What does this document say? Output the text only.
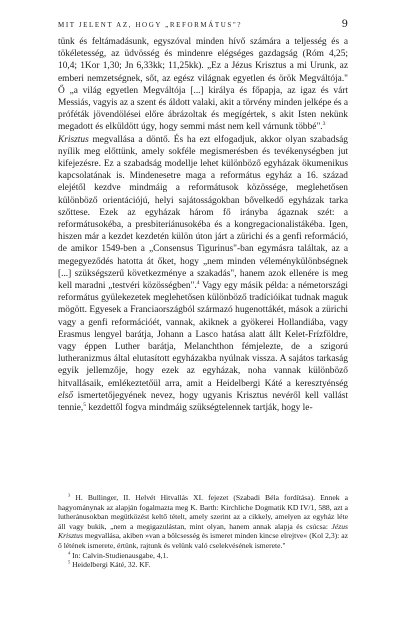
MIT JELENT AZ, HOGY „REFORMÁTUS"?	9

tünk és feltámadásunk, egyszóval minden hívő számára a teljesség és a tökéletesség, az üdvösség és mindenre elégséges gazdagság (Róm 4,25; 10,4; 1Kor 1,30; Jn 6,33kk; 11,25kk). „Ez a Jézus Krisztus a mi Urunk, az emberi nemzetségnek, sőt, az egész világnak egyetlen és örök Megváltója." Ő „a világ egyetlen Megváltója [...] királya és főpapja, az igaz és várt Messiás, vagyis az a szent és áldott valaki, akit a törvény minden jelképe és a próféták jövendölései előre ábrázoltak és megígértek, s akit Isten nekünk megadott és elküldött úgy, hogy semmi mást nem kell várnunk többé".$^3$

Krisztus megvallása a döntő. És ha ezt elfogadjuk, akkor olyan szabadság nyílik meg előttünk, amely sokféle megismerésben és tevékenységben jut kifejezésre. Ez a szabadság modellje lehet különböző egyházak ökumenikus kapcsolatának is. Mindenesetre maga a református egyház a 16. század elejétől kezdve mindmáig a reformátusok közössége, meglehetősen különböző orientációjú, helyi sajátosságokban bővelkedő egyházak tarka szőttese. Ezek az egyházak három fő irányba ágaznak szét: a reformátusokéba, a presbiteriánusokéba és a kongregacionalistákéba. Igen, hiszen már a kezdet kezdetén külön úton járt a zürichi és a genfi reformáció, de amikor 1549-ben a „Consensus Tigurinus"-ban egymásra találtak, az a megegyeződés hatotta át őket, hogy „nem minden véleménykülönbségnek [...] szükségszerű következménye a szakadás", hanem azok ellenére is meg kell maradni „testvéri közösségben".$^4$ Vagy egy másik példa: a németországi református gyülekezetek meglehetősen különböző tradícióikat tudnak maguk mögött. Egyesek a Franciaországból származó hugenottákét, mások a zürichi vagy a genfi reformációét, vannak, akiknek a gyökerei Hollandiába, vagy Erasmus lengyel barátja, Johann a Lasco hatása alatt állt Kelet-Frízföldre, vagy éppen Luther barátja, Melanchthon fémjelezte, de a szigorú lutheranizmus által elutasított egyházakba nyúlnak vissza. A sajátos tarkaság egyik jellemzője, hogy ezek az egyházak, noha vannak különböző hitvallásaik, emlékeztetőül arra, amit a Heidelbergi Káté a keresztyénség első ismertetőjegyének nevez, hogy ugyanis Krisztus nevéről kell vallást tennie,$^5$ kezdettől fogva mindmáig szükségtelennek tartják, hogy le-

$^3$ H. Bullinger, II. Helvét Hitvallás XI. fejezet (Szabadi Béla fordítása). Ennek a hagyománynak az alapján fogalmazta meg K. Barth: Kirchliche Dogmatik KD IV/1, 588, azt a lutheránusokban megütközést keltő tételt, amely szerint az a cikkely, amelyen az egyház léte áll vagy bukik, „nem a megigazulástan, mint olyan, hanem annak alapja és csúcsa: Jézus Krisztus megvallása, akiben »van a bölcsesség és ismeret minden kincse elrejtve« (Kol 2,3): az ő létének ismerete, értünk, rajtunk és velünk való cselekvésének ismerete."

$^4$ In: Calvin-Studienausgabe, 4,1.

$^5$ Heidelbergi Káté, 32. KF.
